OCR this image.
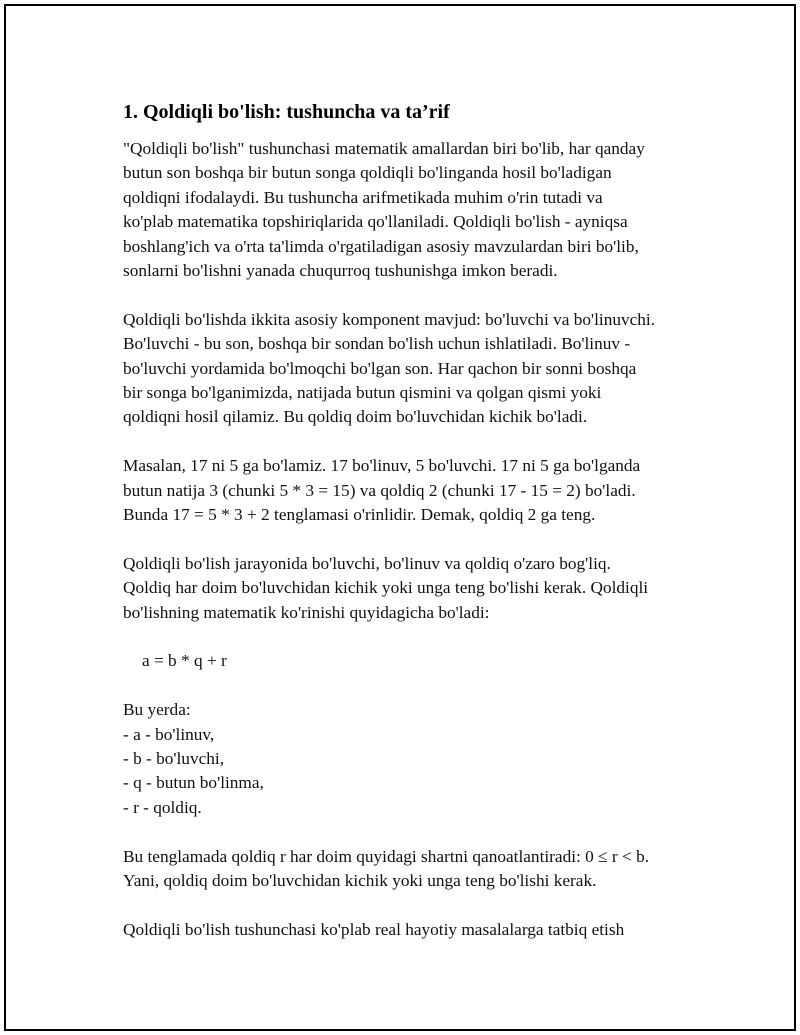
1. Qoldiqli bo'lish: tushuncha va ta’rif

"Qoldiqli bo'lish" tushunchasi matematik amallardan biri bo'lib, har qanday
butun son boshqa bir butun songa qoldiqli bo'linganda hosil bo'ladigan
qoldiqni ifodalaydi. Bu tushuncha arifmetikada muhim o'rin tutadi va
ko'plab matematika topshiriqlarida qo'llaniladi. Qoldiqli bo'lish - ayniqsa
boshlang'ich va o'rta ta'limda o'rgatiladigan asosiy mavzulardan biri bo'lib,
sonlarni bo'lishni yanada chuqurroq tushunishga imkon beradi.

Qoldiqli bo'lishda ikkita asosiy komponent mavjud: bo'luvchi va bo'linuvchi.
Bo'luvchi - bu son, boshqa bir sondan bo'lish uchun ishlatiladi. Bo'linuv -
bo'luvchi yordamida bo'lmoqchi bo'lgan son. Har qachon bir sonni boshqa
bir songa bo'lganimizda, natijada butun qismini va qolgan qismi yoki
qoldiqni hosil qilamiz. Bu qoldiq doim bo'luvchidan kichik bo'ladi.

Masalan, 17 ni 5 ga bo'lamiz. 17 bo'linuv, 5 bo'luvchi. 17 ni 5 ga bo'lganda
butun natija 3 (chunki 5 * 3 = 15) va qoldiq 2 (chunki 17 - 15 = 2) bo'ladi.
Bunda 17 = 5 * 3 + 2 tenglamasi o'rinlidir. Demak, qoldiq 2 ga teng.

Qoldiqli bo'lish jarayonida bo'luvchi, bo'linuv va qoldiq o'zaro bog'liq.
Qoldiq har doim bo'luvchidan kichik yoki unga teng bo'lishi kerak. Qoldiqli
bo'lishning matematik ko'rinishi quyidagicha bo'ladi:

a = b * q + r

Bu yerda:

- a - bo'linuv,
- b - bo'luvchi,
- q - butun bo'linma,
- r - qoldiq.

Bu tenglamada qoldiq r har doim quyidagi shartni qanoatlantiradi: 0 ≤ r < b.
Yani, qoldiq doim bo'luvchidan kichik yoki unga teng bo'lishi kerak.

Qoldiqli bo'lish tushunchasi ko'plab real hayotiy masalalarga tatbiq etish
